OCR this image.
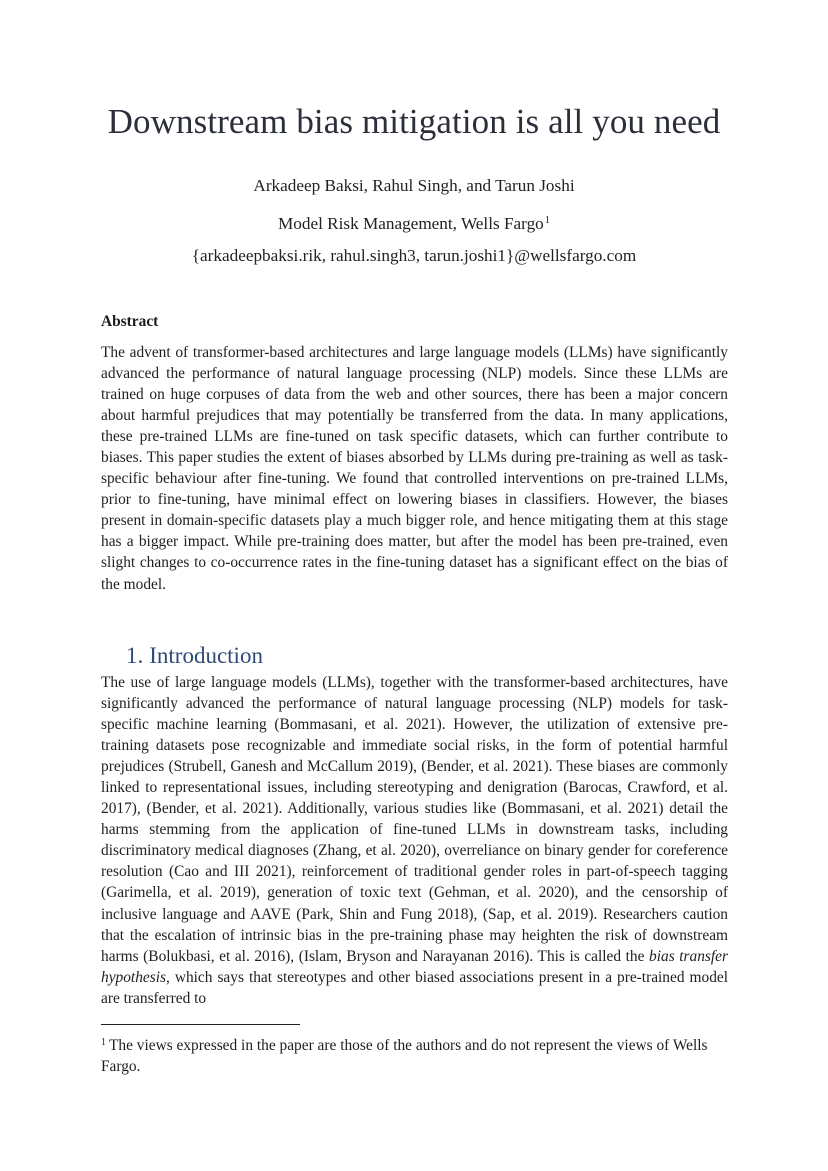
Downstream bias mitigation is all you need
Arkadeep Baksi, Rahul Singh, and Tarun Joshi
Model Risk Management, Wells Fargo$^1$
{arkadeepbaksi.rik, rahul.singh3, tarun.joshi1}@wellsfargo.com
Abstract
The advent of transformer-based architectures and large language models (LLMs) have significantly advanced the performance of natural language processing (NLP) models. Since these LLMs are trained on huge corpuses of data from the web and other sources, there has been a major concern about harmful prejudices that may potentially be transferred from the data. In many applications, these pre-trained LLMs are fine-tuned on task specific datasets, which can further contribute to biases. This paper studies the extent of biases absorbed by LLMs during pre-training as well as task-specific behaviour after fine-tuning. We found that controlled interventions on pre-trained LLMs, prior to fine-tuning, have minimal effect on lowering biases in classifiers. However, the biases present in domain-specific datasets play a much bigger role, and hence mitigating them at this stage has a bigger impact. While pre-training does matter, but after the model has been pre-trained, even slight changes to co-occurrence rates in the fine-tuning dataset has a significant effect on the bias of the model.
1. Introduction
The use of large language models (LLMs), together with the transformer-based architectures, have significantly advanced the performance of natural language processing (NLP) models for task-specific machine learning (Bommasani, et al. 2021). However, the utilization of extensive pre-training datasets pose recognizable and immediate social risks, in the form of potential harmful prejudices (Strubell, Ganesh and McCallum 2019), (Bender, et al. 2021). These biases are commonly linked to representational issues, including stereotyping and denigration (Barocas, Crawford, et al. 2017), (Bender, et al. 2021). Additionally, various studies like (Bommasani, et al. 2021) detail the harms stemming from the application of fine-tuned LLMs in downstream tasks, including discriminatory medical diagnoses (Zhang, et al. 2020), overreliance on binary gender for coreference resolution (Cao and III 2021), reinforcement of traditional gender roles in part-of-speech tagging (Garimella, et al. 2019), generation of toxic text (Gehman, et al. 2020), and the censorship of inclusive language and AAVE (Park, Shin and Fung 2018), (Sap, et al. 2019). Researchers caution that the escalation of intrinsic bias in the pre-training phase may heighten the risk of downstream harms (Bolukbasi, et al. 2016), (Islam, Bryson and Narayanan 2016). This is called the bias transfer hypothesis, which says that stereotypes and other biased associations present in a pre-trained model are transferred to
$^1$ The views expressed in the paper are those of the authors and do not represent the views of Wells Fargo.
